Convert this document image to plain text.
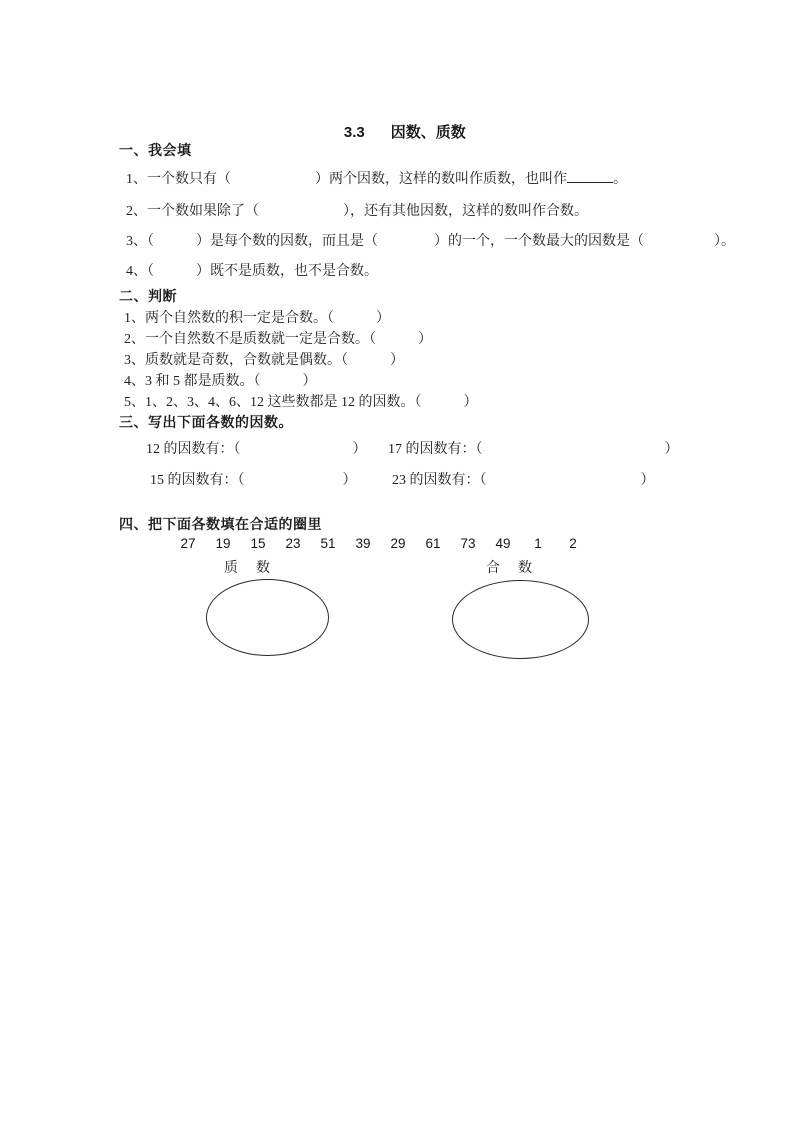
3.3 因数、质数

一、我会填
1、一个数只有（　　　　　　）两个因数，这样的数叫作质数，也叫作	。
2、一个数如果除了（　　　　　　），还有其他因数，这样的数叫作合数。
3、（　　　）是每个数的因数，而且是（　　　　）的一个，一个数最大的因数是（　　　　　）。
4、（　　　）既不是质数，也不是合数。
二、判断
1、两个自然数的积一定是合数。（　　　）
2、一个自然数不是质数就一定是合数。（　　　）
3、质数就是奇数，合数就是偶数。（　　　）
4、3 和 5 都是质数。（　　　）
5、1、2、3、4、6、12 这些数都是 12 的因数。（　　　）
三、写出下面各数的因数。
12 的因数有：（　　　　　　　　） 17 的因数有：（　　　　　　　　　　　　　）
15 的因数有：（　　　　　　　）	23 的因数有：（　　　　　　　　　　　）
四、把下面各数填在合适的圈里
27	19	15	23	51	39	29	61	73	49	1	2
质　数	合　数
